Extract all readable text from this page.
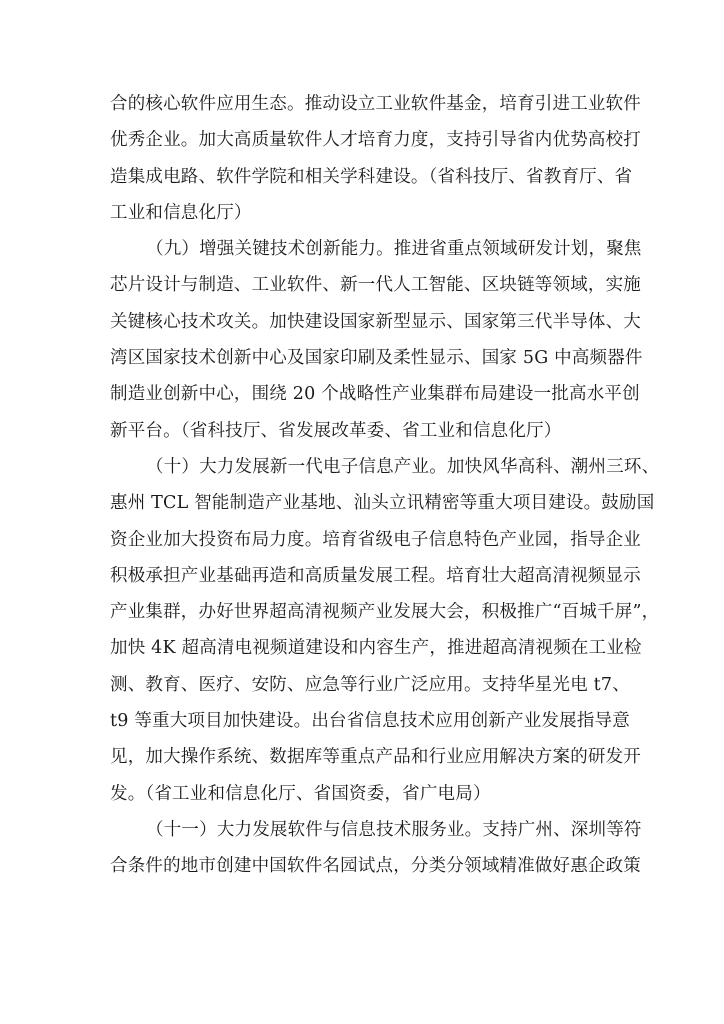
合的核心软件应用生态。推动设立工业软件基金，培育引进工业软件
优秀企业。加大高质量软件人才培育力度，支持引导省内优势高校打
造集成电路、软件学院和相关学科建设。（省科技厅、省教育厅、省
工业和信息化厅）
（九）增强关键技术创新能力。推进省重点领域研发计划，聚焦
芯片设计与制造、工业软件、新一代人工智能、区块链等领域，实施
关键核心技术攻关。加快建设国家新型显示、国家第三代半导体、大
湾区国家技术创新中心及国家印刷及柔性显示、国家 5G 中高频器件
制造业创新中心，围绕 20 个战略性产业集群布局建设一批高水平创
新平台。（省科技厅、省发展改革委、省工业和信息化厅）
（十）大力发展新一代电子信息产业。加快风华高科、潮州三环、
惠州 TCL 智能制造产业基地、汕头立讯精密等重大项目建设。鼓励国
资企业加大投资布局力度。培育省级电子信息特色产业园，指导企业
积极承担产业基础再造和高质量发展工程。培育壮大超高清视频显示
产业集群，办好世界超高清视频产业发展大会，积极推广“百城千屏”，
加快 4K 超高清电视频道建设和内容生产，推进超高清视频在工业检
测、教育、医疗、安防、应急等行业广泛应用。支持华星光电 t7、
t9 等重大项目加快建设。出台省信息技术应用创新产业发展指导意
见，加大操作系统、数据库等重点产品和行业应用解决方案的研发开
发。（省工业和信息化厅、省国资委，省广电局）
（十一）大力发展软件与信息技术服务业。支持广州、深圳等符
合条件的地市创建中国软件名园试点，分类分领域精准做好惠企政策
